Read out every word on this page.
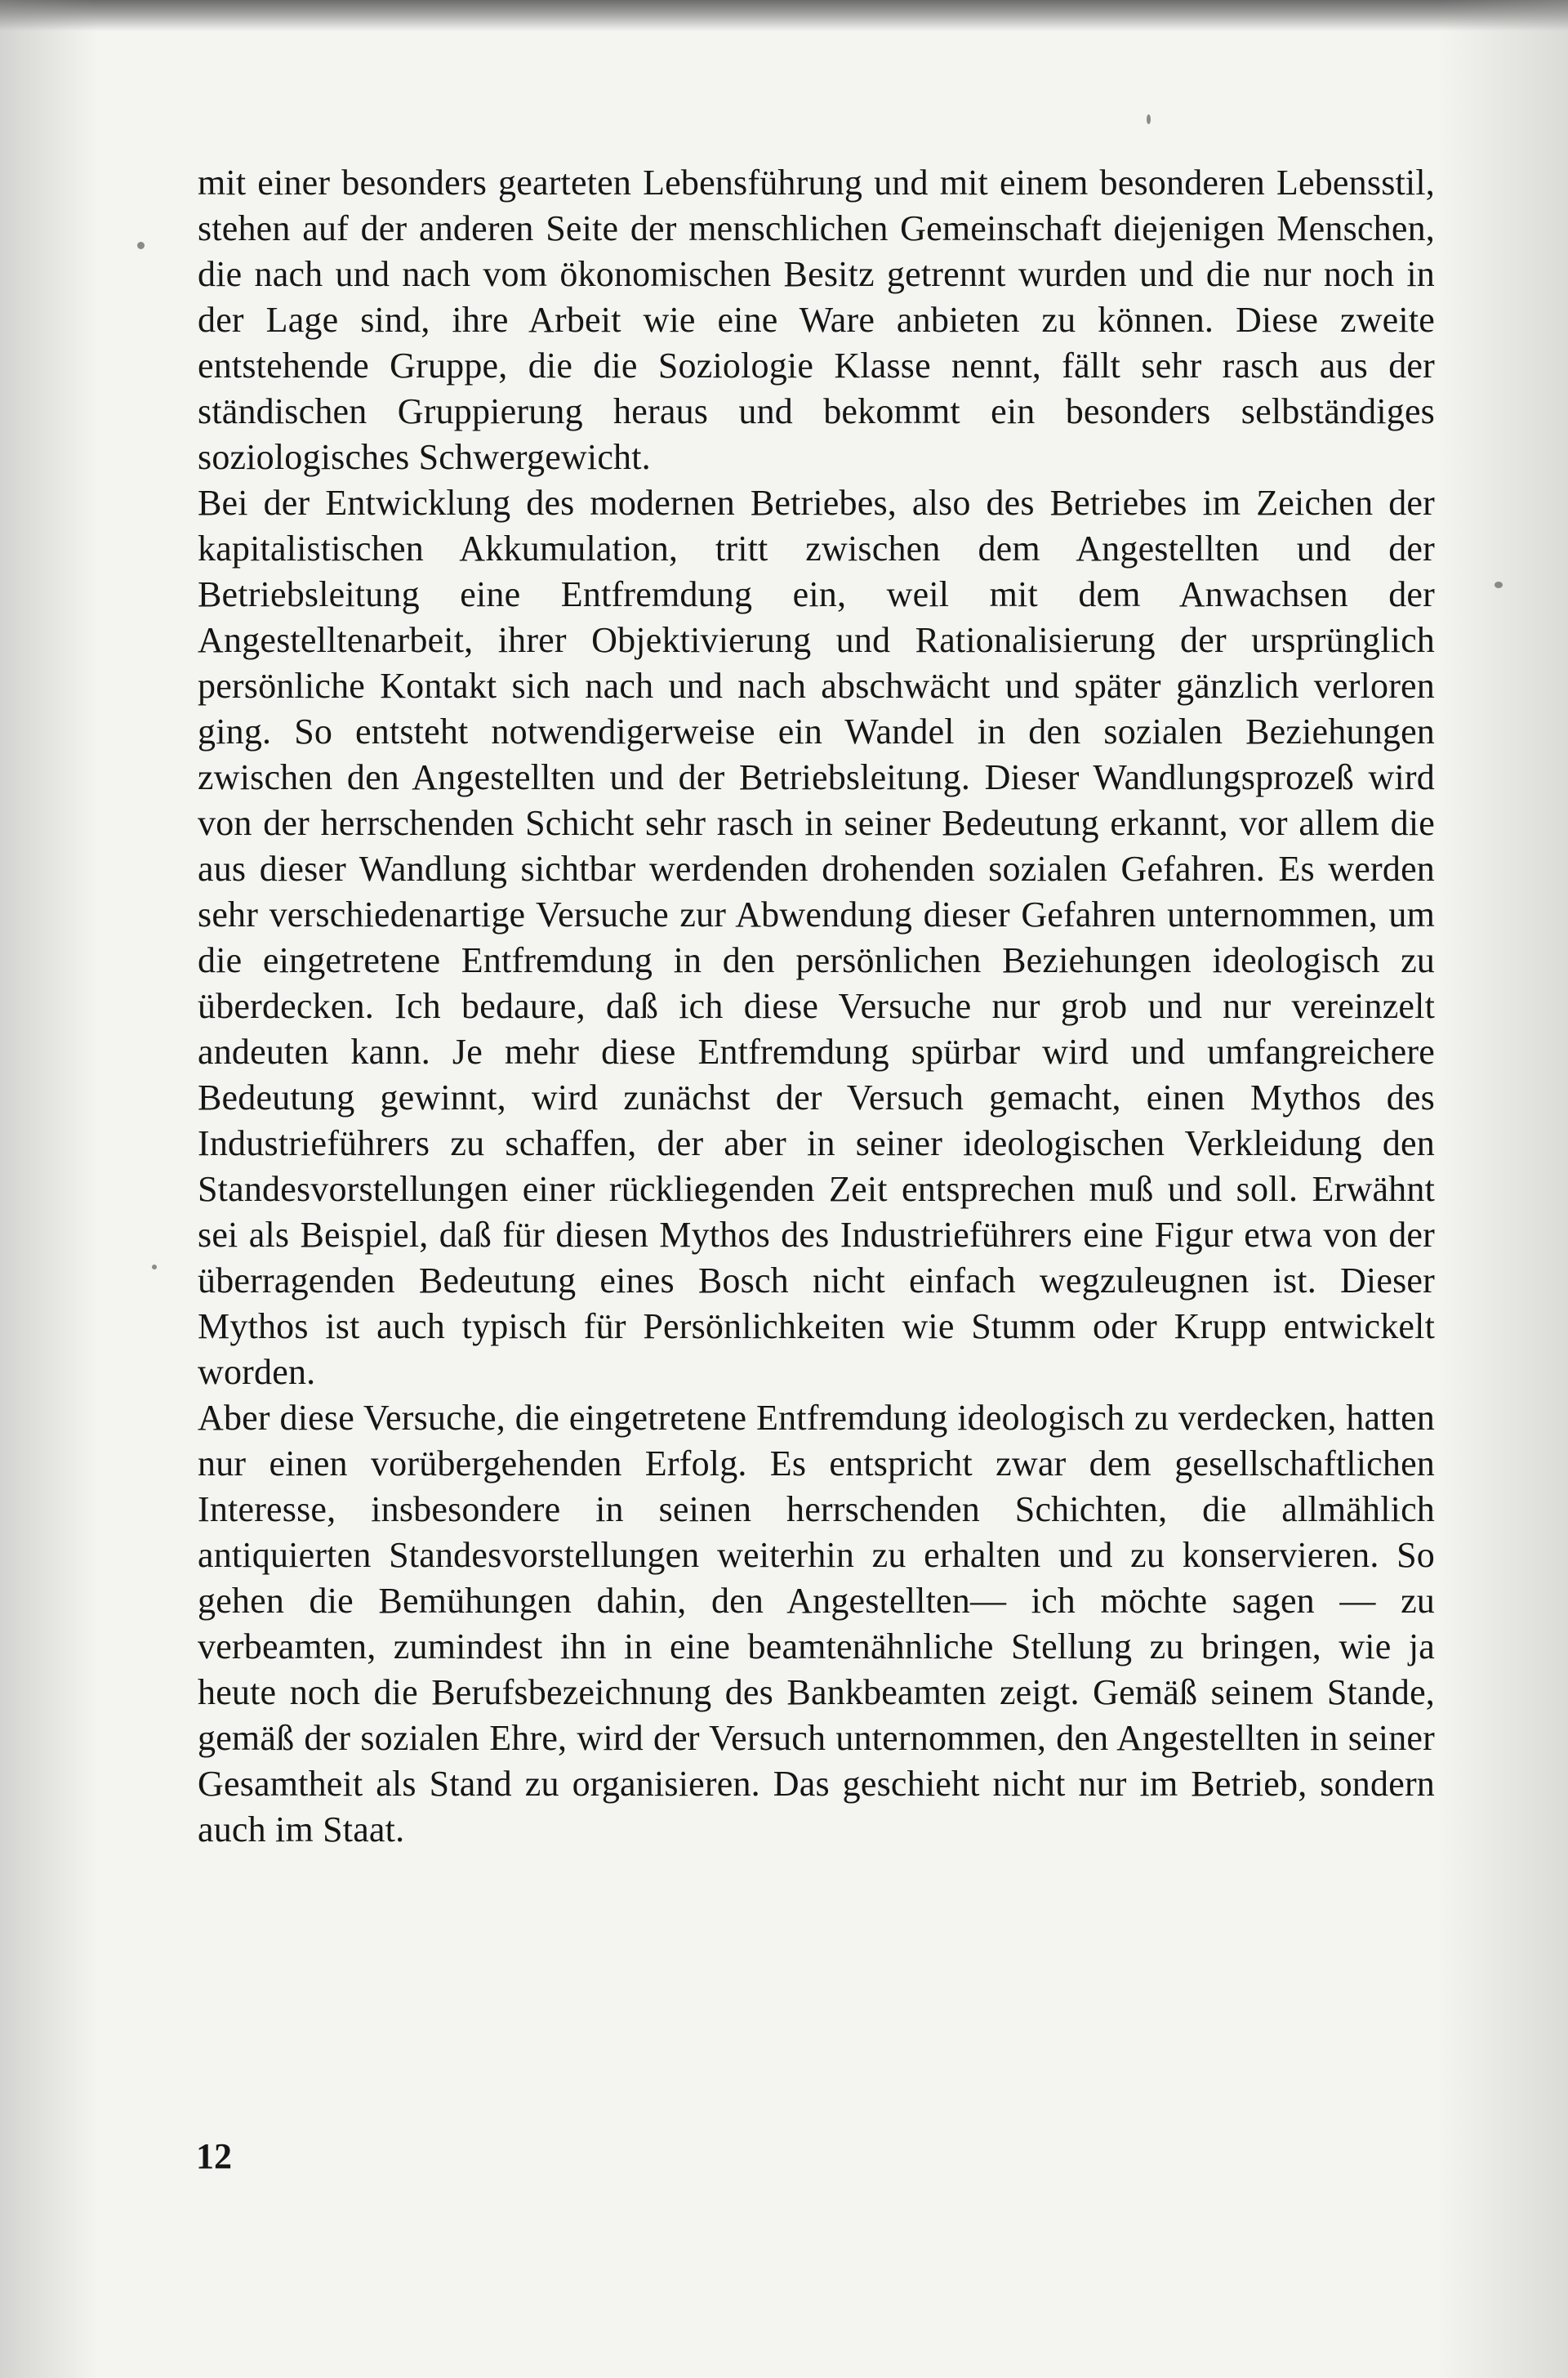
mit einer besonders gearteten Lebensführung und mit einem besonderen Lebensstil, stehen auf der anderen Seite der menschlichen Gemeinschaft diejenigen Menschen, die nach und nach vom ökonomischen Besitz getrennt wurden und die nur noch in der Lage sind, ihre Arbeit wie eine Ware anbieten zu können. Diese zweite entstehende Gruppe, die die Soziologie Klasse nennt, fällt sehr rasch aus der ständischen Gruppierung heraus und bekommt ein besonders selbständiges soziologisches Schwergewicht.

Bei der Entwicklung des modernen Betriebes, also des Betriebes im Zeichen der kapitalistischen Akkumulation, tritt zwischen dem Angestellten und der Betriebsleitung eine Entfremdung ein, weil mit dem Anwachsen der Angestelltenarbeit, ihrer Objektivierung und Rationalisierung der ursprünglich persönliche Kontakt sich nach und nach abschwächt und später gänzlich verloren ging. So entsteht notwendigerweise ein Wandel in den sozialen Beziehungen zwischen den Angestellten und der Betriebsleitung. Dieser Wandlungsprozeß wird von der herrschenden Schicht sehr rasch in seiner Bedeutung erkannt, vor allem die aus dieser Wandlung sichtbar werdenden drohenden sozialen Gefahren. Es werden sehr verschiedenartige Versuche zur Abwendung dieser Gefahren unternommen, um die eingetretene Entfremdung in den persönlichen Beziehungen ideologisch zu überdecken. Ich bedaure, daß ich diese Versuche nur grob und nur vereinzelt andeuten kann. Je mehr diese Entfremdung spürbar wird und umfangreichere Bedeutung gewinnt, wird zunächst der Versuch gemacht, einen Mythos des Industrieführers zu schaffen, der aber in seiner ideologischen Verkleidung den Standesvorstellungen einer rückliegenden Zeit entsprechen muß und soll. Erwähnt sei als Beispiel, daß für diesen Mythos des Industrieführers eine Figur etwa von der überragenden Bedeutung eines Bosch nicht einfach wegzuleugnen ist. Dieser Mythos ist auch typisch für Persönlichkeiten wie Stumm oder Krupp entwickelt worden.

Aber diese Versuche, die eingetretene Entfremdung ideologisch zu verdecken, hatten nur einen vorübergehenden Erfolg. Es entspricht zwar dem gesellschaftlichen Interesse, insbesondere in seinen herrschenden Schichten, die allmählich antiquierten Standesvorstellungen weiterhin zu erhalten und zu konservieren. So gehen die Bemühungen dahin, den Angestellten— ich möchte sagen — zu verbeamten, zumindest ihn in eine beamtenähnliche Stellung zu bringen, wie ja heute noch die Berufsbezeichnung des Bankbeamten zeigt. Gemäß seinem Stande, gemäß der sozialen Ehre, wird der Versuch unternommen, den Angestellten in seiner Gesamtheit als Stand zu organisieren. Das geschieht nicht nur im Betrieb, sondern auch im Staat.

12
